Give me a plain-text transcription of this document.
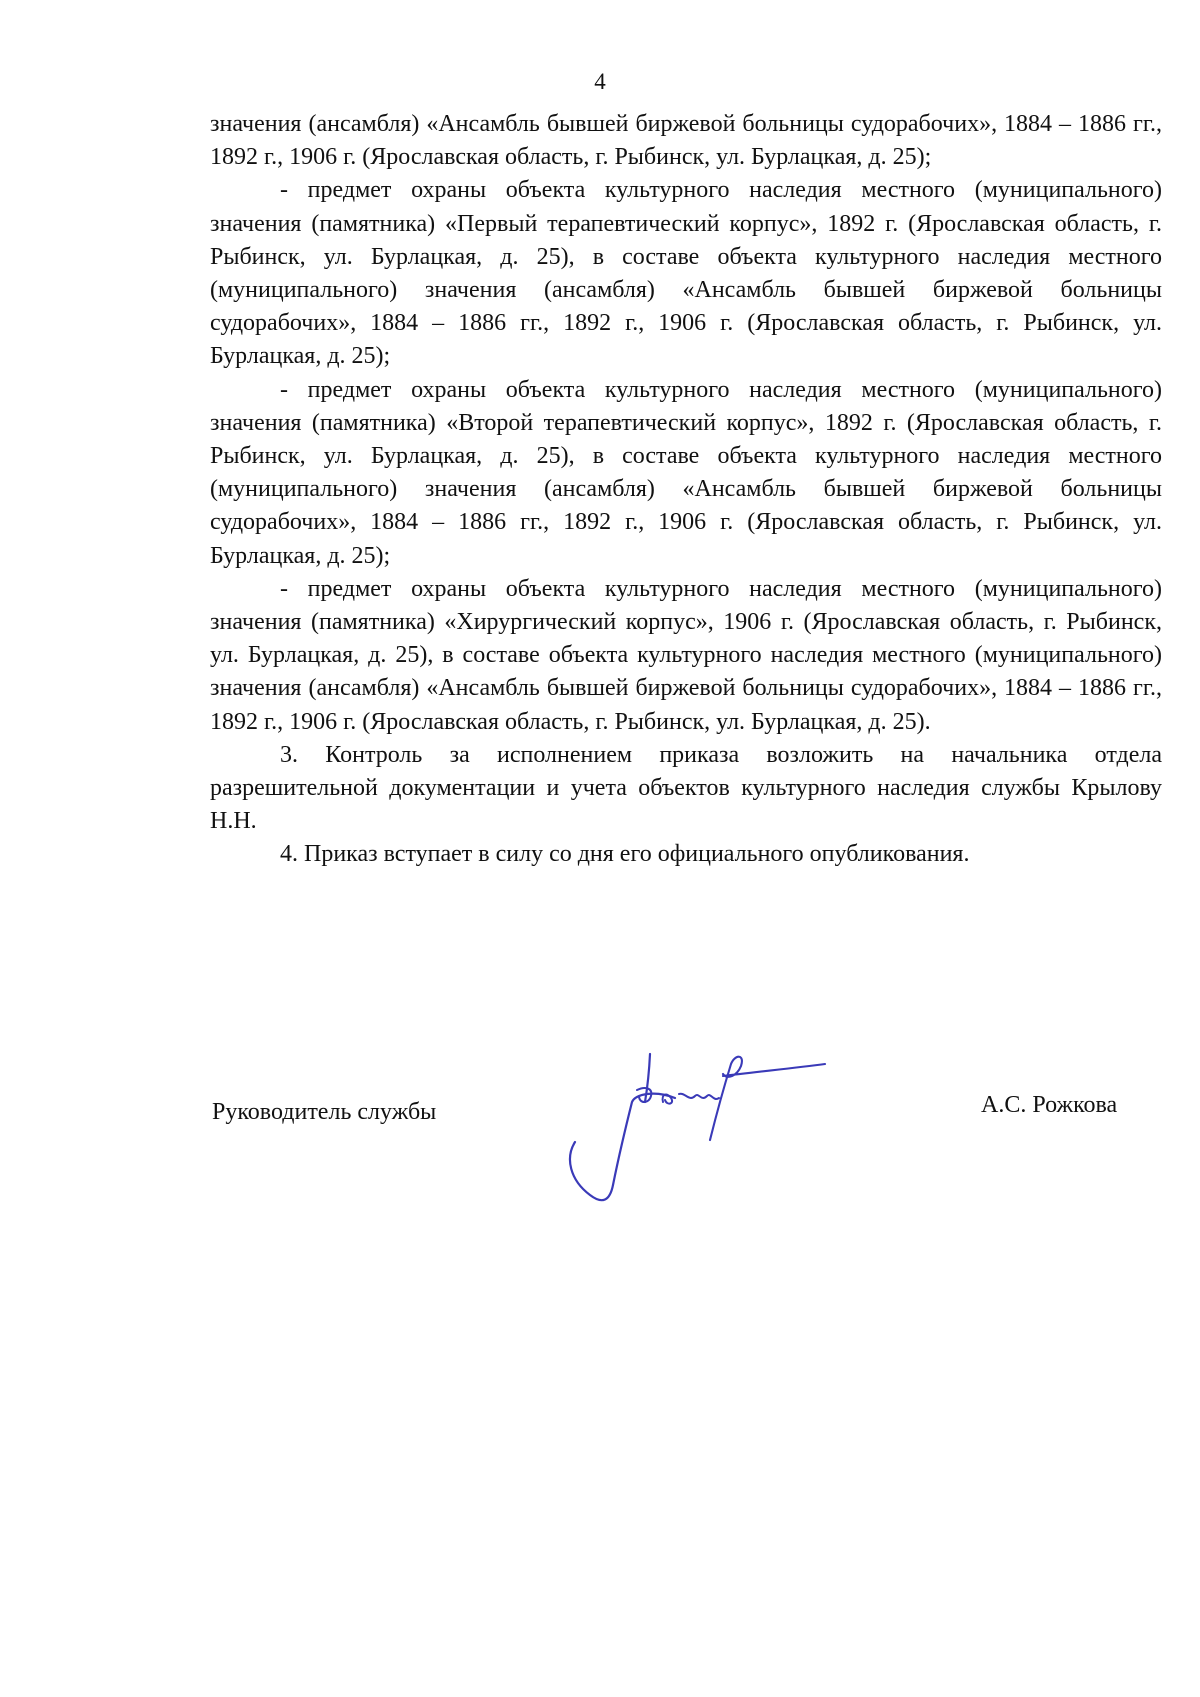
4

значения (ансамбля) «Ансамбль бывшей биржевой больницы судорабочих», 1884 – 1886 гг., 1892 г., 1906 г. (Ярославская область, г. Рыбинск, ул. Бурлацкая, д. 25);

- предмет охраны объекта культурного наследия местного (муниципального) значения (памятника) «Первый терапевтический корпус», 1892 г. (Ярославская область, г. Рыбинск, ул. Бурлацкая, д. 25), в составе объекта культурного наследия местного (муниципального) значения (ансамбля) «Ансамбль бывшей биржевой больницы судорабочих», 1884 – 1886 гг., 1892 г., 1906 г. (Ярославская область, г. Рыбинск, ул. Бурлацкая, д. 25);

- предмет охраны объекта культурного наследия местного (муниципального) значения (памятника) «Второй терапевтический корпус», 1892 г. (Ярославская область, г. Рыбинск, ул. Бурлацкая, д. 25), в составе объекта культурного наследия местного (муниципального) значения (ансамбля) «Ансамбль бывшей биржевой больницы судорабочих», 1884 – 1886 гг., 1892 г., 1906 г. (Ярославская область, г. Рыбинск, ул. Бурлацкая, д. 25);

- предмет охраны объекта культурного наследия местного (муниципального) значения (памятника) «Хирургический корпус», 1906 г. (Ярославская область, г. Рыбинск, ул. Бурлацкая, д. 25), в составе объекта культурного наследия местного (муниципального) значения (ансамбля) «Ансамбль бывшей биржевой больницы судорабочих», 1884 – 1886 гг., 1892 г., 1906 г. (Ярославская область, г. Рыбинск, ул. Бурлацкая, д. 25).

3. Контроль за исполнением приказа возложить на начальника отдела разрешительной документации и учета объектов культурного наследия службы Крылову Н.Н.

4. Приказ вступает в силу со дня его официального опубликования.

Руководитель службы	А.С. Рожкова
